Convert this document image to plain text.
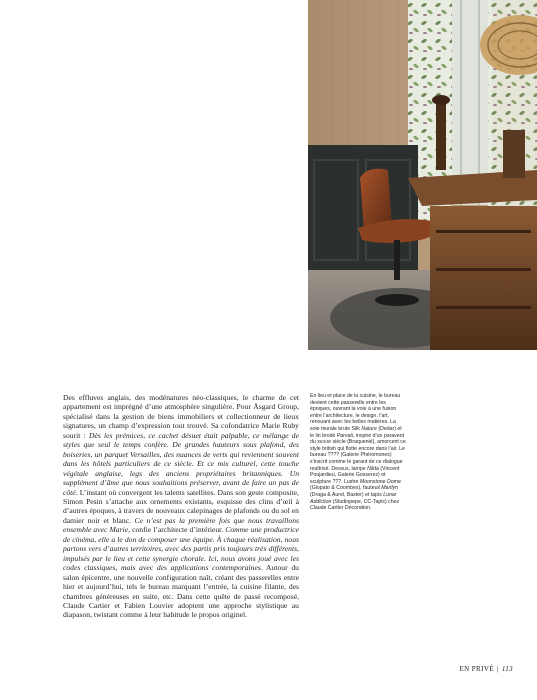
Des effluves anglais, des modénatures néo-classiques, le charme de cet appartement est imprégné d’une atmosphère singulière. Pour Åsgard Group, spécialisé dans la gestion de biens immobiliers et collectionneur de lieux signatures, un champ d’expression tout trouvé. Sa cofondatrice Marie Ruby sourit : Dès les prémices, ce cachet désuet était palpable, ce mélange de styles que seul le temps confère. De grandes hauteurs sous plafond, des boiseries, un parquet Versailles, des nuances de verts qui reviennent souvent dans les hôtels particuliers de ce siècle. Et ce mix culturel, cette touche végétale anglaise, legs des anciens propriétaires britanniques. Un supplément d’âme que nous souhaitions préserver, avant de faire un pas de côté. L’instant où convergent les talents satellites. Dans son geste composite, Simon Pesin s’attache aux ornements existants, esquisse des clins d’œil à d’autres époques, à travers de nouveaux calepinages de plafonds ou du sol en damier noir et blanc. Ce n’est pas la première fois que nous travaillons ensemble avec Marie, confie l’architecte d’intérieur. Comme une productrice de cinéma, elle a le don de composer une équipe. À chaque réalisation, nous partons vers d’autres territoires, avec des partis pris toujours très différents, impulsés par le lieu et cette synergie chorale. Ici, nous avons joué avec les codes classiques, mais avec des applications contemporaines. Autour du salon épicentre, une nouvelle configuration naît, créant des passerelles entre hier et aujourd’hui, tels le bureau marquant l’entrée, la cuisine filante, des chambres généreuses en suite, etc. Dans cette quête de passé recomposé, Claude Cartier et Fabien Louvier adoptent une approche stylistique au diapason, twistant comme à leur habitude le propos originel.
En lieu et place de la cuisine, le bureau devient cette passerelle entre les époques, ouvrant la voie à une fusion entre l’architecture, le design, l’art, renouant avec les belles matières. La soie murale brute Silk Nature (Dedar) et le lin brodé Parvati, inspiré d’un paravent du xvııııe siècle (Braquenié), amorcent ce style british qui flotte encore dans l’air. Le bureau ???? (Galerie Phéromones) s’inscrit comme le garant de ce dialogue maîtrisé. Dessus, lampe Nilda (Vincent Poujardieu, Galerie Gosserez) et sculpture ???. Lustre Moonstone Dome (Giopato & Coombes), fauteuil Marilyn (Draga & Aurel, Baxter) et tapis Lunar Addiction (Studiopepe, CC-Tapis) chez Claude Cartier Décoration.
EN PRIVÉ | 113
